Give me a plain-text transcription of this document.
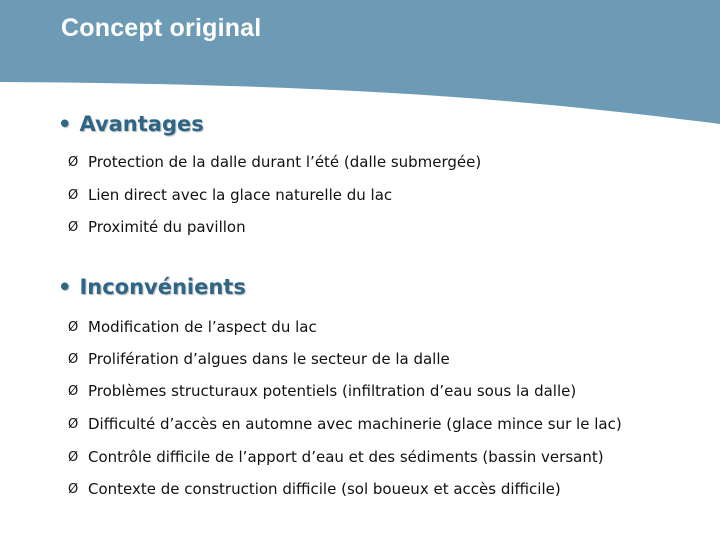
Concept original
• Avantages
Ø Protection de la dalle durant l’été (dalle submergée)
Ø Lien direct avec la glace naturelle du lac
Ø Proximité du pavillon
• Inconvénients
Ø Modification de l’aspect du lac
Ø Prolifération d’algues dans le secteur de la dalle
Ø Problèmes structuraux potentiels (infiltration d’eau sous la dalle)
Ø Difficulté d’accès en automne avec machinerie (glace mince sur le lac)
Ø Contrôle difficile de l’apport d’eau et des sédiments (bassin versant)
Ø Contexte de construction difficile (sol boueux et accès difficile)
